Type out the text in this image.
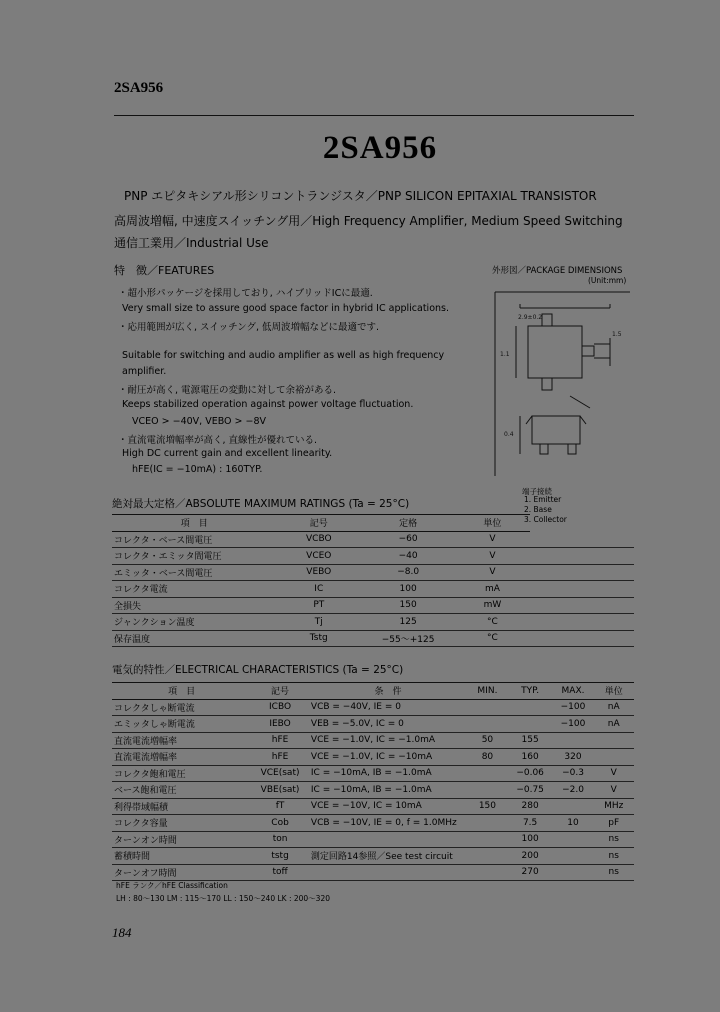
2SA956
2SA956
PNP エピタキシアル形シリコントランジスタ／PNP SILICON EPITAXIAL TRANSISTOR
高周波増幅, 中速度スイッチング用／High Frequency Amplifier, Medium Speed Switching
通信工業用／Industrial Use
特　徴／FEATURES
・超小形パッケージを採用しており, ハイブリッドICに最適.
Very small size to assure good space factor in hybrid IC applications.
・応用範囲が広く, スイッチング, 低周波増幅などに最適です.
Suitable for switching and audio amplifier as well as high frequency
amplifier.
・耐圧が高く, 電源電圧の変動に対して余裕がある.
Keeps stabilized operation against power voltage fluctuation.
VCEO > −40V, VEBO > −8V
・直流電流増幅率が高く, 直線性が優れている.
High DC current gain and excellent linearity.
hFE(IC = −10mA) : 160TYP.
外形図／PACKAGE DIMENSIONS
(Unit:mm)
2.9±0.2
1.1
1.5
0.4
端子接続
1. Emitter
2. Base
3. Collector
絶対最大定格／ABSOLUTE MAXIMUM RATINGS (Ta = 25°C)
項　目	記号	定格	単位	
コレクタ・ベース間電圧	VCBO	−60	V	
コレクタ・エミッタ間電圧	VCEO	−40	V	
エミッタ・ベース間電圧	VEBO	−8.0	V	
コレクタ電流	IC	100	mA	
全損失	PT	150	mW	
ジャンクション温度	Tj	125	°C	
保存温度	Tstg	−55～+125	°C	
電気的特性／ELECTRICAL CHARACTERISTICS (Ta = 25°C)
項　目	記号	条　件	MIN.	TYP.	MAX.	単位
コレクタしゃ断電流	ICBO	VCB = −40V, IE = 0			−100	nA
エミッタしゃ断電流	IEBO	VEB = −5.0V, IC = 0			−100	nA
直流電流増幅率	hFE	VCE = −1.0V, IC = −1.0mA	50	155		
直流電流増幅率	hFE	VCE = −1.0V, IC = −10mA	80	160	320	
コレクタ飽和電圧	VCE(sat)	IC = −10mA, IB = −1.0mA		−0.06	−0.3	V
ベース飽和電圧	VBE(sat)	IC = −10mA, IB = −1.0mA		−0.75	−2.0	V
利得帯域幅積	fT	VCE = −10V, IC = 10mA	150	280		MHz
コレクタ容量	Cob	VCB = −10V, IE = 0, f = 1.0MHz		7.5	10	pF
ターンオン時間	ton			100		ns
蓄積時間	tstg	測定回路14参照／See test circuit		200		ns
ターンオフ時間	toff			270		ns
hFE ランク／hFE Classification
LH : 80～130 LM : 115～170 LL : 150～240 LK : 200～320
184
